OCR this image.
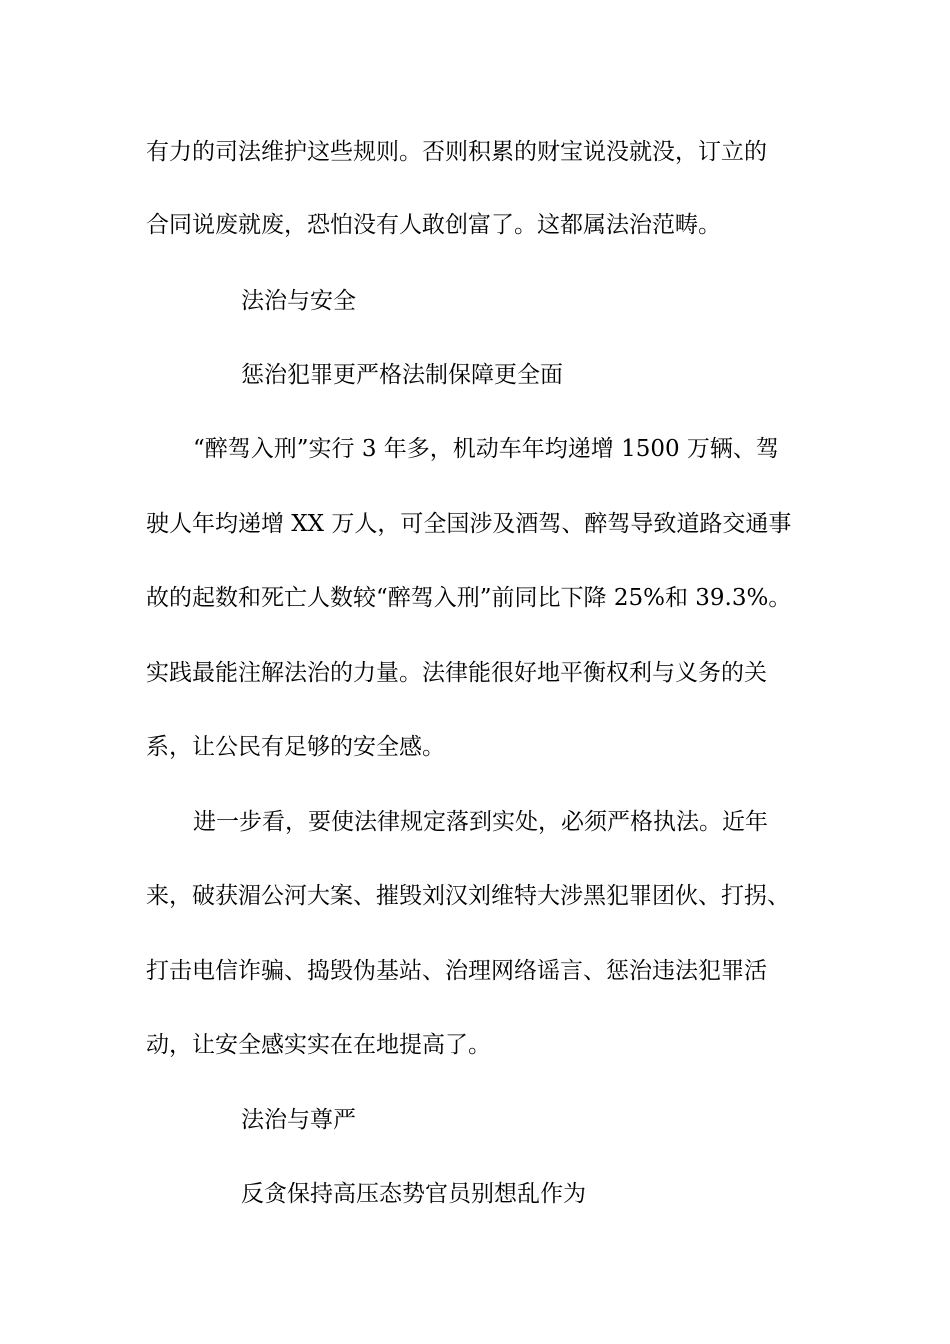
有力的司法维护这些规则。否则积累的财宝说没就没，订立的
合同说废就废，恐怕没有人敢创富了。这都属法治范畴。
法治与安全
惩治犯罪更严格法制保障更全面
“醉驾入刑”实行 3 年多，机动车年均递增 1500 万辆、驾
驶人年均递增 XX 万人，可全国涉及酒驾、醉驾导致道路交通事
故的起数和死亡人数较“醉驾入刑”前同比下降 25%和 39.3%。
实践最能注解法治的力量。法律能很好地平衡权利与义务的关
系，让公民有足够的安全感。
进一步看，要使法律规定落到实处，必须严格执法。近年
来，破获湄公河大案、摧毁刘汉刘维特大涉黑犯罪团伙、打拐、
打击电信诈骗、捣毁伪基站、治理网络谣言、惩治违法犯罪活
动，让安全感实实在在地提高了。
法治与尊严
反贪保持高压态势官员别想乱作为
